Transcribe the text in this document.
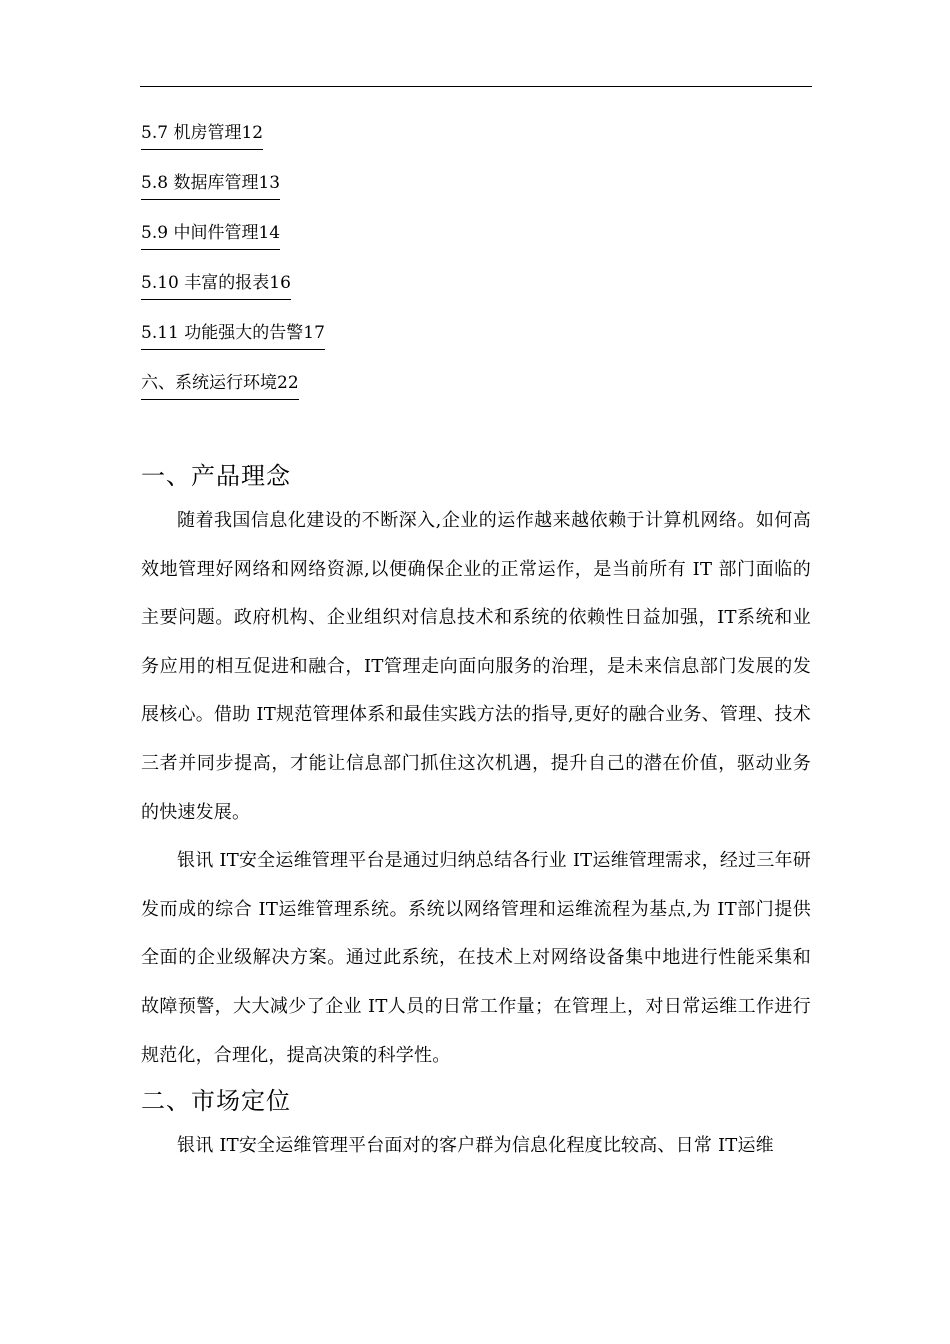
5.7 机房管理12
5.8 数据库管理13
5.9 中间件管理14
5.10 丰富的报表16
5.11 功能强大的告警17
六、系统运行环境22
一、产品理念

随着我国信息化建设的不断深入,企业的运作越来越依赖于计算机网络。如何高效地管理好网络和网络资源,以便确保企业的正常运作，是当前所有 IT 部门面临的主要问题。政府机构、企业组织对信息技术和系统的依赖性日益加强，IT系统和业务应用的相互促进和融合，IT管理走向面向服务的治理，是未来信息部门发展的发展核心。借助 IT规范管理体系和最佳实践方法的指导,更好的融合业务、管理、技术三者并同步提高，才能让信息部门抓住这次机遇，提升自己的潜在价值，驱动业务的快速发展。

银讯 IT安全运维管理平台是通过归纳总结各行业 IT运维管理需求，经过三年研发而成的综合 IT运维管理系统。系统以网络管理和运维流程为基点,为 IT部门提供全面的企业级解决方案。通过此系统，在技术上对网络设备集中地进行性能采集和故障预警，大大减少了企业 IT人员的日常工作量；在管理上，对日常运维工作进行规范化，合理化，提高决策的科学性。

二、市场定位

银讯 IT安全运维管理平台面对的客户群为信息化程度比较高、日常 IT运维
